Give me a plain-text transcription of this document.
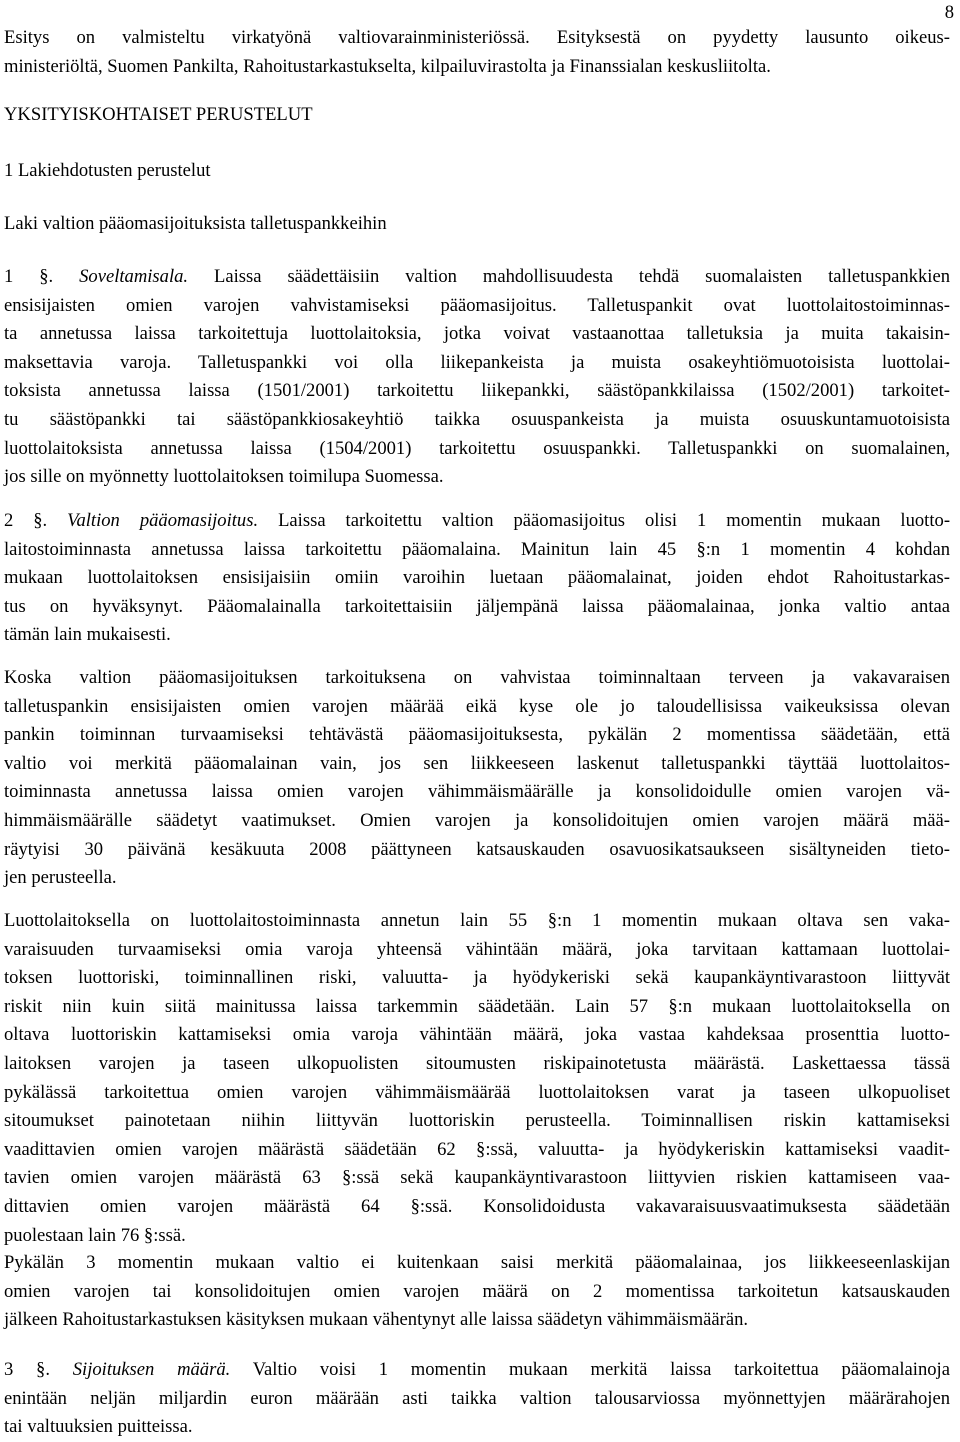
8
Esitys on valmisteltu virkatyönä valtiovarainministeriössä. Esityksestä on pyydetty lausunto oikeus-
ministeriöltä, Suomen Pankilta, Rahoitustarkastukselta, kilpailuvirastolta ja Finanssialan keskusliitolta.
YKSITYISKOHTAISET PERUSTELUT
1 Lakiehdotusten perustelut
Laki valtion pääomasijoituksista talletuspankkeihin
1 §. Soveltamisala. Laissa säädettäisiin valtion mahdollisuudesta tehdä suomalaisten talletuspankkien
ensisijaisten omien varojen vahvistamiseksi pääomasijoitus. Talletuspankit ovat luottolaitostoiminnas-
ta annetussa laissa tarkoitettuja luottolaitoksia, jotka voivat vastaanottaa talletuksia ja muita takaisin-
maksettavia varoja. Talletuspankki voi olla liikepankeista ja muista osakeyhtiömuotoisista luottolai-
toksista annetussa laissa (1501/2001) tarkoitettu liikepankki, säästöpankkilaissa (1502/2001) tarkoitet-
tu säästöpankki tai säästöpankkiosakeyhtiö taikka osuuspankeista ja muista osuuskuntamuotoisista
luottolaitoksista annetussa laissa (1504/2001) tarkoitettu osuuspankki. Talletuspankki on suomalainen,
jos sille on myönnetty luottolaitoksen toimilupa Suomessa.
2 §. Valtion pääomasijoitus. Laissa tarkoitettu valtion pääomasijoitus olisi 1 momentin mukaan luotto-
laitostoiminnasta annetussa laissa tarkoitettu pääomalaina. Mainitun lain 45 §:n 1 momentin 4 kohdan
mukaan luottolaitoksen ensisijaisiin omiin varoihin luetaan pääomalainat, joiden ehdot Rahoitustarkas-
tus on hyväksynyt. Pääomalainalla tarkoitettaisiin jäljempänä laissa pääomalainaa, jonka valtio antaa
tämän lain mukaisesti.
Koska valtion pääomasijoituksen tarkoituksena on vahvistaa toiminnaltaan terveen ja vakavaraisen
talletuspankin ensisijaisten omien varojen määrää eikä kyse ole jo taloudellisissa vaikeuksissa olevan
pankin toiminnan turvaamiseksi tehtävästä pääomasijoituksesta, pykälän 2 momentissa säädetään, että
valtio voi merkitä pääomalainan vain, jos sen liikkeeseen laskenut talletuspankki täyttää luottolaitos-
toiminnasta annetussa laissa omien varojen vähimmäismäärälle ja konsolidoidulle omien varojen vä-
himmäismäärälle säädetyt vaatimukset. Omien varojen ja konsolidoitujen omien varojen määrä mää-
räytyisi 30 päivänä kesäkuuta 2008 päättyneen katsauskauden osavuosikatsaukseen sisältyneiden tieto-
jen perusteella.
Luottolaitoksella on luottolaitostoiminnasta annetun lain 55 §:n 1 momentin mukaan oltava sen vaka-
varaisuuden turvaamiseksi omia varoja yhteensä vähintään määrä, joka tarvitaan kattamaan luottolai-
toksen luottoriski, toiminnallinen riski, valuutta- ja hyödykeriski sekä kaupankäyntivarastoon liittyvät
riskit niin kuin siitä mainitussa laissa tarkemmin säädetään. Lain 57 §:n mukaan luottolaitoksella on
oltava luottoriskin kattamiseksi omia varoja vähintään määrä, joka vastaa kahdeksaa prosenttia luotto-
laitoksen varojen ja taseen ulkopuolisten sitoumusten riskipainotetusta määrästä. Laskettaessa tässä
pykälässä tarkoitettua omien varojen vähimmäismäärää luottolaitoksen varat ja taseen ulkopuoliset
sitoumukset painotetaan niihin liittyvän luottoriskin perusteella. Toiminnallisen riskin kattamiseksi
vaadittavien omien varojen määrästä säädetään 62 §:ssä, valuutta- ja hyödykeriskin kattamiseksi vaadit-
tavien omien varojen määrästä 63 §:ssä sekä kaupankäyntivarastoon liittyvien riskien kattamiseen vaa-
dittavien omien varojen määrästä 64 §:ssä. Konsolidoidusta vakavaraisuusvaatimuksesta säädetään
puolestaan lain 76 §:ssä.
Pykälän 3 momentin mukaan valtio ei kuitenkaan saisi merkitä pääomalainaa, jos liikkeeseenlaskijan
omien varojen tai konsolidoitujen omien varojen määrä on 2 momentissa tarkoitetun katsauskauden
jälkeen Rahoitustarkastuksen käsityksen mukaan vähentynyt alle laissa säädetyn vähimmäismäärän.
3 §. Sijoituksen määrä. Valtio voisi 1 momentin mukaan merkitä laissa tarkoitettua pääomalainoja
enintään neljän miljardin euron määrään asti taikka valtion talousarviossa myönnettyjen määrärahojen
tai valtuuksien puitteissa.
